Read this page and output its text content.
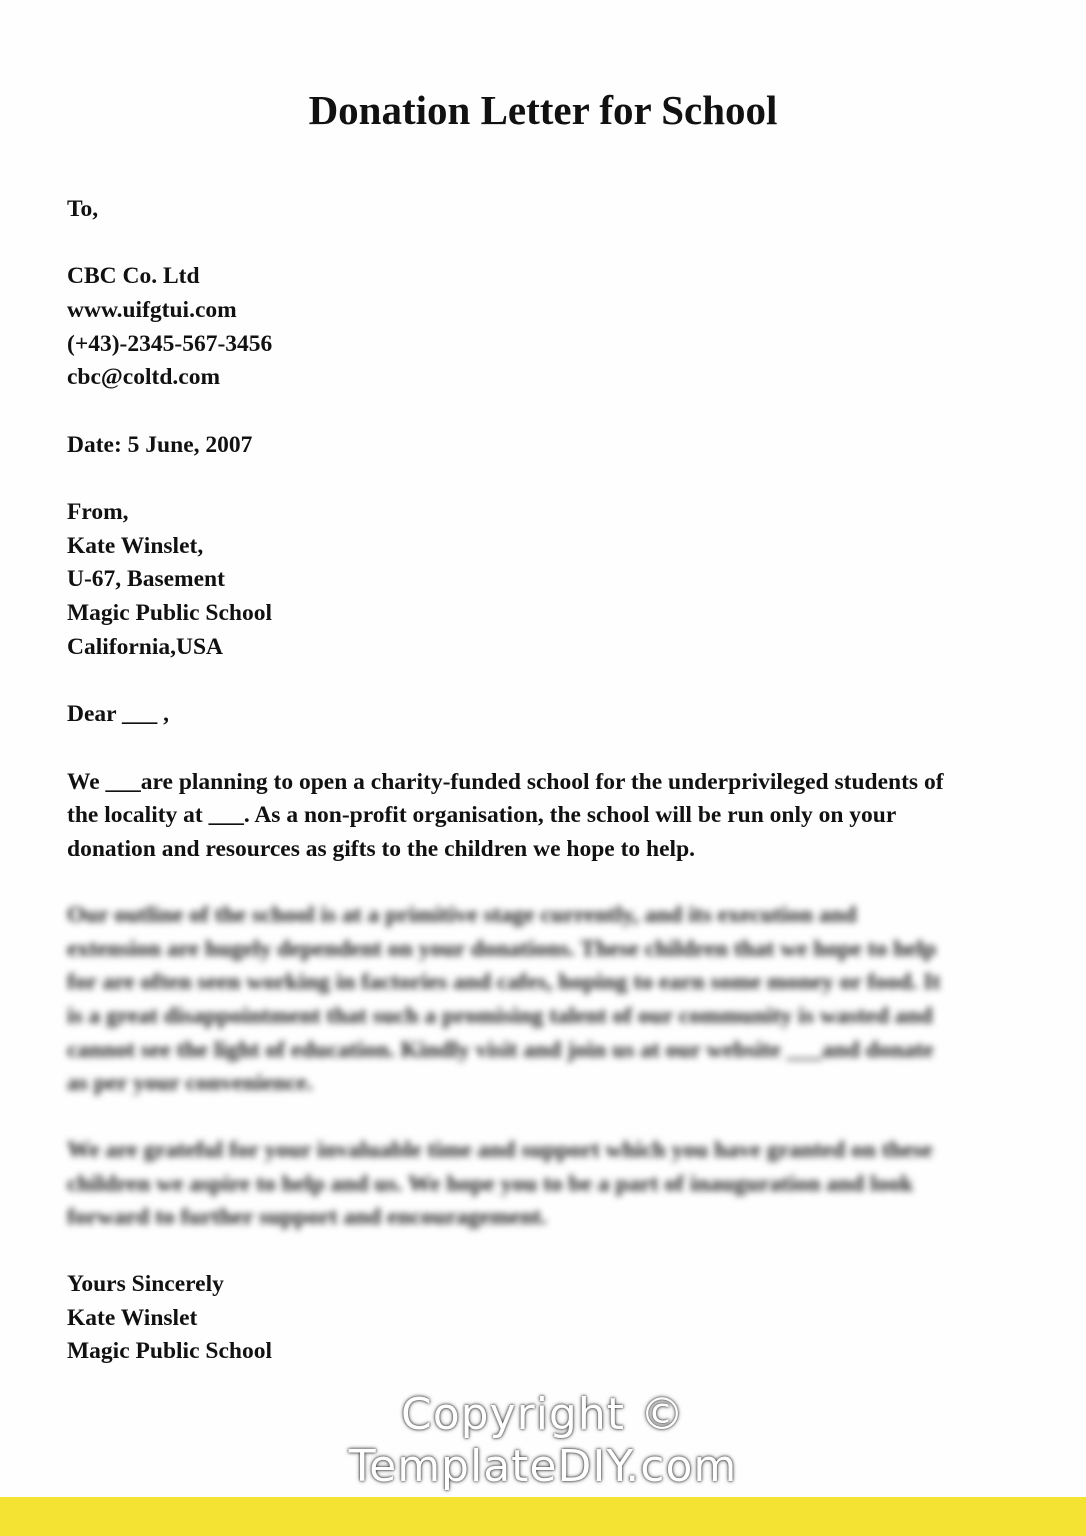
Donation Letter for School
To,
CBC Co. Ltd
www.uifgtui.com
(+43)-2345-567-3456
cbc@coltd.com
Date: 5 June, 2007
From,
Kate Winslet,
U-67, Basement
Magic Public School
California,USA
Dear ___ ,
We ___are planning to open a charity-funded school for the underprivileged students of
the locality at ___. As a non-profit organisation, the school will be run only on your
donation and resources as gifts to the children we hope to help.
Our outline of the school is at a primitive stage currently, and its execution and
extension are hugely dependent on your donations. These children that we hope to help
for are often seen working in factories and cafes, hoping to earn some money or food. It
is a great disappointment that such a promising talent of our community is wasted and
cannot see the light of education. Kindly visit and join us at our website ___and donate
as per your convenience.
We are grateful for your invaluable time and support which you have granted on these
children we aspire to help and us. We hope you to be a part of inauguration and look
forward to further support and encouragement.
Yours Sincerely
Kate Winslet
Magic Public School
Copyright ©
TemplateDIY.com
